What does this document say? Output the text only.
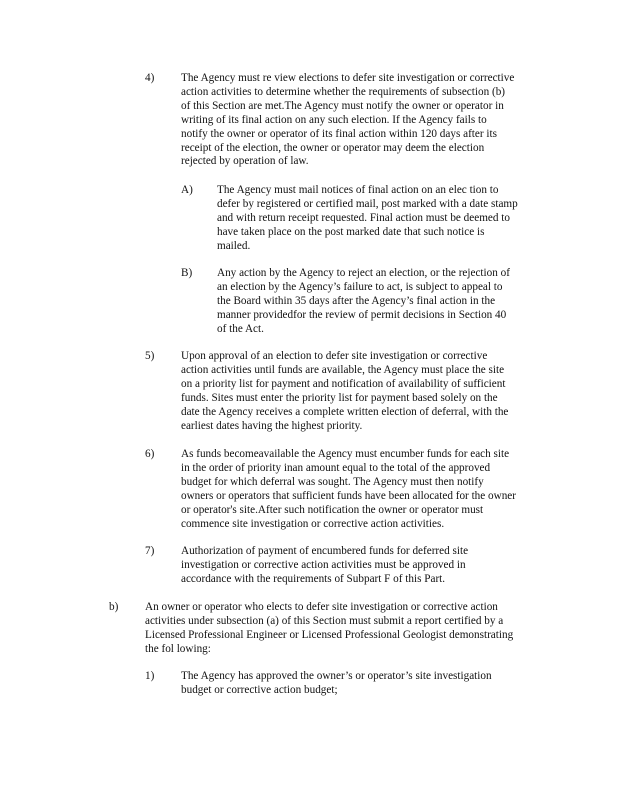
4) The Agency must re view elections to defer site investigation or corrective
action activities to determine whether the requirements of subsection (b)
of this Section are met.The Agency must notify the owner or operator in
writing of its final action on any such election. If the Agency fails to
notify the owner or operator of its final action within 120 days after its
receipt of the election, the owner or operator may deem the election
rejected by operation of law.
A) The Agency must mail notices of final action on an elec tion to
defer by registered or certified mail, post marked with a date stamp
and with return receipt requested. Final action must be deemed to
have taken place on the post marked date that such notice is
mailed.
B) Any action by the Agency to reject an election, or the rejection of
an election by the Agency’s failure to act, is subject to appeal to
the Board within 35 days after the Agency’s final action in the
manner providedfor the review of permit decisions in Section 40
of the Act.
5) Upon approval of an election to defer site investigation or corrective
action activities until funds are available, the Agency must place the site
on a priority list for payment and notification of availability of sufficient
funds. Sites must enter the priority list for payment based solely on the
date the Agency receives a complete written election of deferral, with the
earliest dates having the highest priority.
6) As funds becomeavailable the Agency must encumber funds for each site
in the order of priority inan amount equal to the total of the approved
budget for which deferral was sought. The Agency must then notify
owners or operators that sufficient funds have been allocated for the owner
or operator's site.After such notification the owner or operator must
commence site investigation or corrective action activities.
7) Authorization of payment of encumbered funds for deferred site
investigation or corrective action activities must be approved in
accordance with the requirements of Subpart F of this Part.
b) An owner or operator who elects to defer site investigation or corrective action
activities under subsection (a) of this Section must submit a report certified by a
Licensed Professional Engineer or Licensed Professional Geologist demonstrating
the fol lowing:
1) The Agency has approved the owner’s or operator’s site investigation
budget or corrective action budget;
